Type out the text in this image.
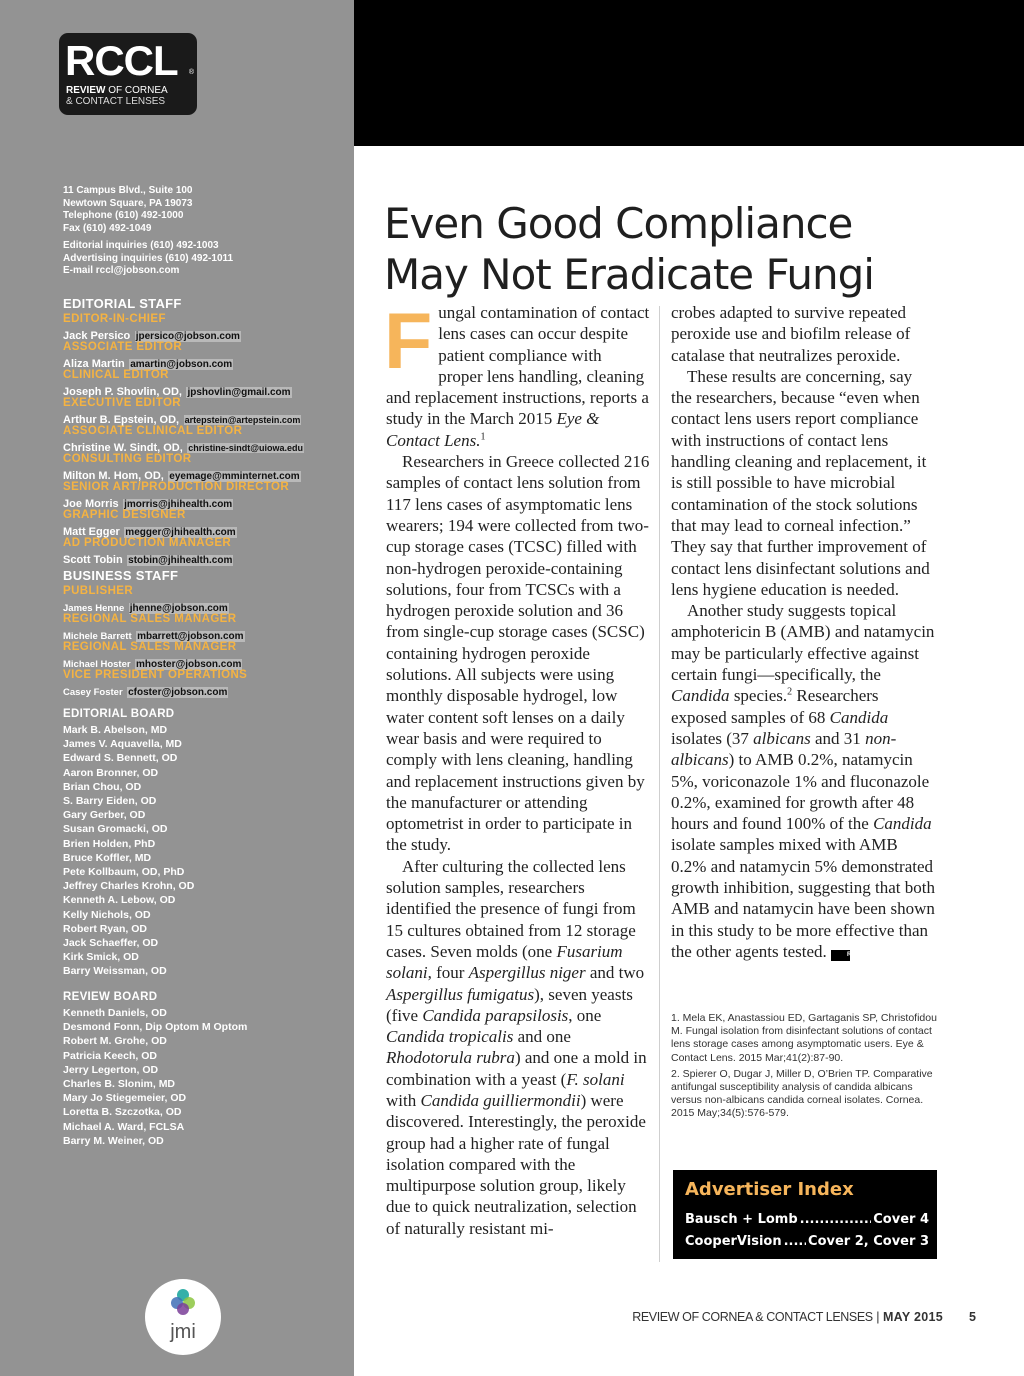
RCCL ®
REVIEW OF CORNEA
& CONTACT LENSES
11 Campus Blvd., Suite 100
Newtown Square, PA 19073
Telephone (610) 492-1000
Fax (610) 492-1049
Editorial inquiries (610) 492-1003
Advertising inquiries (610) 492-1011
E-mail rccl@jobson.com
EDITORIAL STAFF
EDITOR-IN-CHIEF
Jack Persico jpersico@jobson.com
ASSOCIATE EDITOR
Aliza Martin amartin@jobson.com
CLINICAL EDITOR
Joseph P. Shovlin, OD, jpshovlin@gmail.com
EXECUTIVE EDITOR
Arthur B. Epstein, OD, artepstein@artepstein.com
ASSOCIATE CLINICAL EDITOR
Christine W. Sindt, OD, christine-sindt@uiowa.edu
CONSULTING EDITOR
Milton M. Hom, OD, eyemage@mminternet.com
SENIOR ART/PRODUCTION DIRECTOR
Joe Morris jmorris@jhihealth.com
GRAPHIC DESIGNER
Matt Egger megger@jhihealth.com
AD PRODUCTION MANAGER
Scott Tobin stobin@jhihealth.com
BUSINESS STAFF
PUBLISHER
James Henne jhenne@jobson.com
REGIONAL SALES MANAGER
Michele Barrett mbarrett@jobson.com
REGIONAL SALES MANAGER
Michael Hoster mhoster@jobson.com
VICE PRESIDENT OPERATIONS
Casey Foster cfoster@jobson.com
EDITORIAL BOARD
Mark B. Abelson, MD
James V. Aquavella, MD
Edward S. Bennett, OD
Aaron Bronner, OD
Brian Chou, OD
S. Barry Eiden, OD
Gary Gerber, OD
Susan Gromacki, OD
Brien Holden, PhD
Bruce Koffler, MD
Pete Kollbaum, OD, PhD
Jeffrey Charles Krohn, OD
Kenneth A. Lebow, OD
Kelly Nichols, OD
Robert Ryan, OD
Jack Schaeffer, OD
Kirk Smick, OD
Barry Weissman, OD
REVIEW BOARD
Kenneth Daniels, OD
Desmond Fonn, Dip Optom M Optom
Robert M. Grohe, OD
Patricia Keech, OD
Jerry Legerton, OD
Charles B. Slonim, MD
Mary Jo Stiegemeier, OD
Loretta B. Szczotka, OD
Michael A. Ward, FCLSA
Barry M. Weiner, OD
jmi
Even Good Compliance
May Not Eradicate Fungi

Fungal contamination of contact lens cases can occur despite patient compliance with proper lens handling, cleaning and replacement instructions, reports a study in the March 2015 Eye & Contact Lens.$^1$

Researchers in Greece collected 216 samples of contact lens solution from 117 lens cases of asymptomatic lens wearers; 194 were collected from two-cup storage cases (TCSC) filled with non-hydrogen peroxide-containing solutions, four from TCSCs with a hydrogen peroxide solution and 36 from single-cup storage cases (SCSC) containing hydrogen peroxide solutions. All subjects were using monthly disposable hydrogel, low water content soft lenses on a daily wear basis and were required to comply with lens cleaning, handling and replacement instructions given by the manufacturer or attending optometrist in order to participate in the study.

After culturing the collected lens solution samples, researchers identified the presence of fungi from 15 cultures obtained from 12 storage cases. Seven molds (one Fusarium solani, four Aspergillus niger and two Aspergillus fumigatus), seven yeasts (five Candida parapsilosis, one Candida tropicalis and one Rhodotorula rubra) and one a mold in combination with a yeast (F. solani with Candida guilliermondii) were discovered. Interestingly, the peroxide group had a higher rate of fungal isolation compared with the multipurpose solution group, likely due to quick neutralization, selection of naturally resistant mi-

crobes adapted to survive repeated peroxide use and biofilm release of catalase that neutralizes peroxide.

These results are concerning, say the researchers, because “even when contact lens users report compliance with instructions of contact lens handling cleaning and replacement, it is still possible to have microbial contamination of the stock solutions that may lead to corneal infection.” They say that further improvement of contact lens disinfectant solutions and lens hygiene education is needed.

Another study suggests topical amphotericin B (AMB) and natamycin may be particularly effective against certain fungi—specifically, the Candida species.$^2$ Researchers exposed samples of 68 Candida isolates (37 albicans and 31 non-albicans) to AMB 0.2%, natamycin 5%, voriconazole 1% and fluconazole 0.2%, examined for growth after 48 hours and found 100% of the Candida isolate samples mixed with AMB 0.2% and natamycin 5% demonstrated growth inhibition, suggesting that both AMB and natamycin have been shown in this study to be more effective than the other agents tested.	RCCL

1. Mela EK, Anastassiou ED, Gartaganis SP, Christofidou M. Fungal isolation from disinfectant solutions of contact lens storage cases among asymptomatic users. Eye & Contact Lens. 2015 Mar;41(2):87-90.

2. Spierer O, Dugar J, Miller D, O’Brien TP. Comparative antifungal susceptibility analysis of candida albicans versus non-albicans candida corneal isolates. Cornea. 2015 May;34(5):576-579.

Advertiser Index
Bausch + Lomb .....	Cover 4
CooperVision ..... Cover 2, Cover 3
REVIEW OF CORNEA & CONTACT LENSES | MAY 2015 5
